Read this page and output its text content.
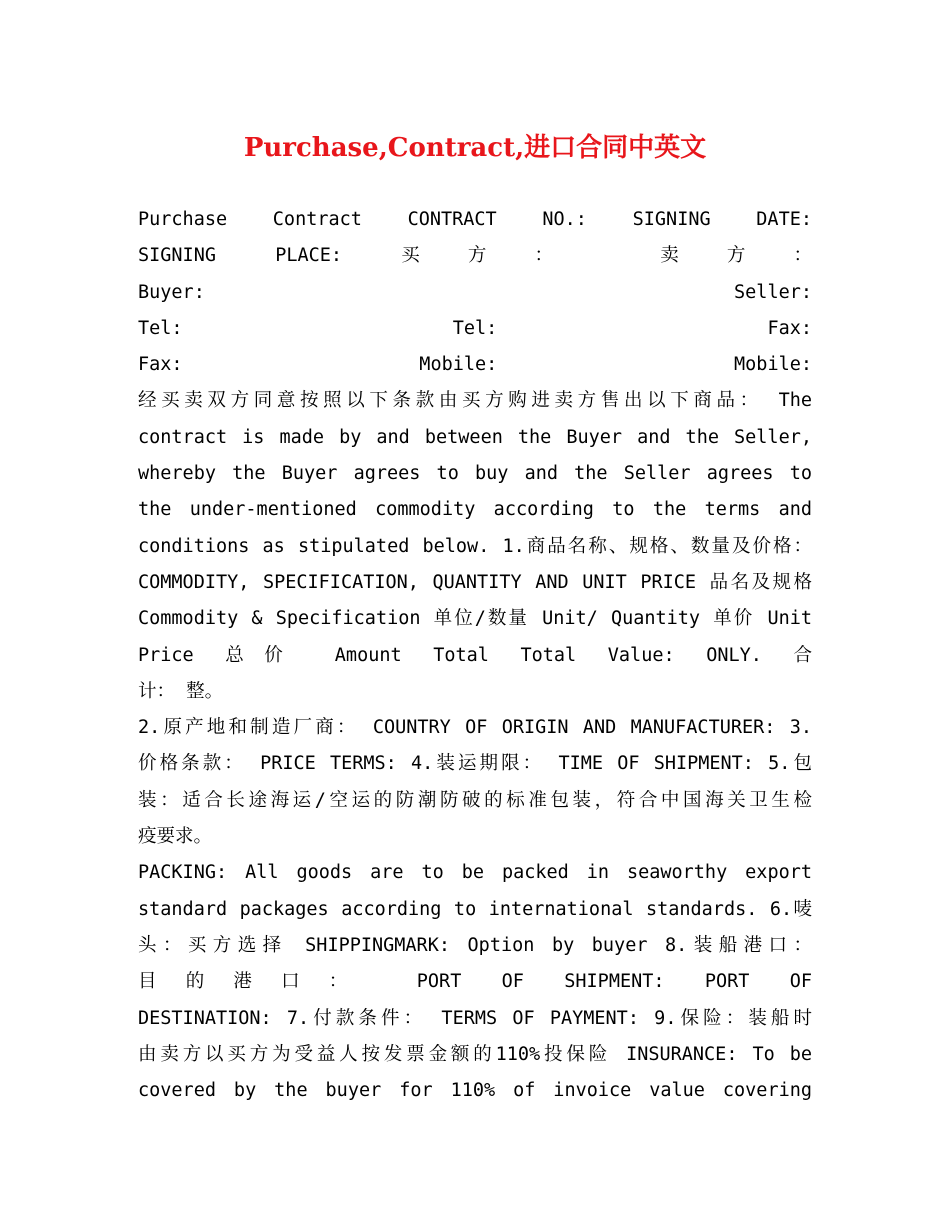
Purchase,Contract,进口合同中英文
Purchase Contract CONTRACT NO.: SIGNING DATE:
SIGNING PLACE: 买方： 卖方：
Buyer: Seller:
Tel: Tel: Fax:
Fax: Mobile: Mobile:
经买卖双方同意按照以下条款由买方购进卖方售出以下商品： The
contract is made by and between the Buyer and the Seller,
whereby the Buyer agrees to buy and the Seller agrees to
the under-mentioned commodity according to the terms and
conditions as stipulated below. 1.商品名称、规格、数量及价格：
COMMODITY, SPECIFICATION, QUANTITY AND UNIT PRICE 品名及规格
Commodity & Specification 单位/数量 Unit/ Quantity 单价 Unit
Price 总价 Amount Total Total Value: ONLY. 合
计： 整。
2.原产地和制造厂商： COUNTRY OF ORIGIN AND MANUFACTURER: 3.
价格条款： PRICE TERMS: 4.装运期限： TIME OF SHIPMENT: 5.包
装：适合长途海运/空运的防潮防破的标准包装，符合中国海关卫生检
疫要求。
PACKING: All goods are to be packed in seaworthy export
standard packages according to international standards. 6.唛
头：买方选择 SHIPPINGMARK: Option by buyer 8.装船港口：
目的港口： PORT OF SHIPMENT: PORT OF
DESTINATION: 7.付款条件： TERMS OF PAYMENT: 9.保险：装船时
由卖方以买方为受益人按发票金额的110%投保险 INSURANCE: To be
covered by the buyer for 110% of invoice value covering
